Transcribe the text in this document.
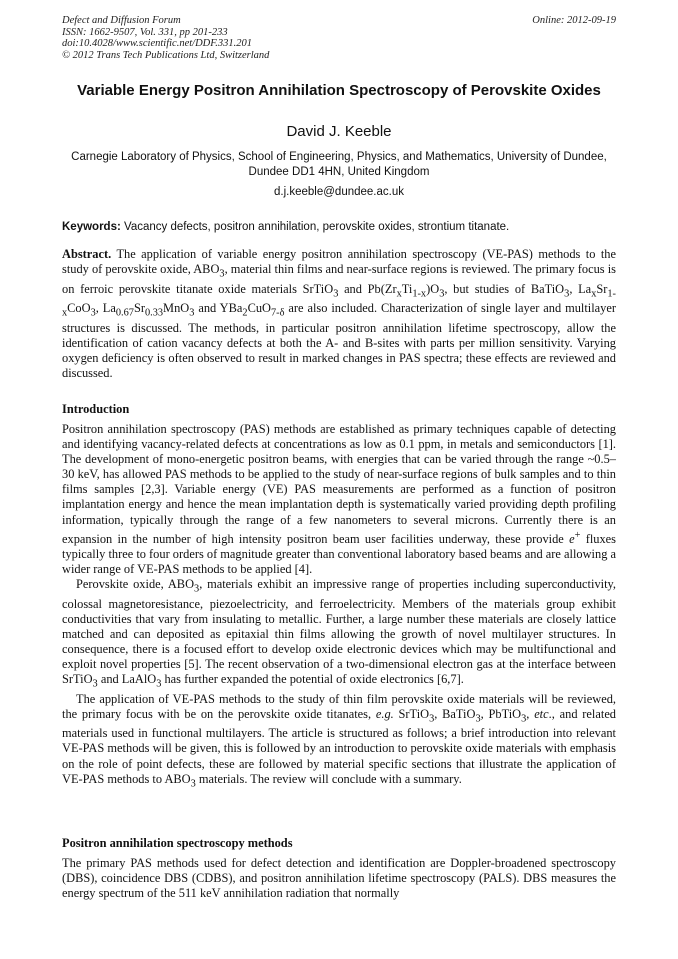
Defect and Diffusion Forum
ISSN: 1662-9507, Vol. 331, pp 201-233
doi:10.4028/www.scientific.net/DDF.331.201
© 2012 Trans Tech Publications Ltd, Switzerland
Online: 2012-09-19
Variable Energy Positron Annihilation Spectroscopy of Perovskite Oxides
David J. Keeble
Carnegie Laboratory of Physics, School of Engineering, Physics, and Mathematics, University of Dundee, Dundee DD1 4HN, United Kingdom
d.j.keeble@dundee.ac.uk
Keywords: Vacancy defects, positron annihilation, perovskite oxides, strontium titanate.

Abstract. The application of variable energy positron annihilation spectroscopy (VE-PAS) methods to the study of perovskite oxide, $ABO_3$, material thin films and near-surface regions is reviewed. The primary focus is on ferroic perovskite titanate oxide materials SrTiO$_3$ and $Pb(Zr_xTi_{1-x})O_3$, but studies of BaTiO$_3$, $La_xSr_{1-x}CoO_3$, $La_{0.67}Sr_{0.33}MnO_3$ and YBa$_2$CuO$_{7-\delta}$ are also included. Characterization of single layer and multilayer structures is discussed. The methods, in particular positron annihilation lifetime spectroscopy, allow the identification of cation vacancy defects at both the A- and B-sites with parts per million sensitivity. Varying oxygen deficiency is often observed to result in marked changes in PAS spectra; these effects are reviewed and discussed.

Introduction

Positron annihilation spectroscopy (PAS) methods are established as primary techniques capable of detecting and identifying vacancy-related defects at concentrations as low as 0.1 ppm, in metals and semiconductors [1]. The development of mono-energetic positron beams, with energies that can be varied through the range ~0.5–30 keV, has allowed PAS methods to be applied to the study of near-surface regions of bulk samples and to thin films samples [2,3]. Variable energy (VE) PAS measurements are performed as a function of positron implantation energy and hence the mean implantation depth is systematically varied providing depth profiling information, typically through the range of a few nanometers to several microns. Currently there is an expansion in the number of high intensity positron beam user facilities underway, these provide e+ fluxes typically three to four orders of magnitude greater than conventional laboratory based beams and are allowing a wider range of VE-PAS methods to be applied [4].

Perovskite oxide, $ABO_3$, materials exhibit an impressive range of properties including superconductivity, colossal magnetoresistance, piezoelectricity, and ferroelectricity. Members of the materials group exhibit conductivities that vary from insulating to metallic. Further, a large number these materials are closely lattice matched and can deposited as epitaxial thin films allowing the growth of novel multilayer structures. In consequence, there is a focused effort to develop oxide electronic devices which may be multifunctional and exploit novel properties [5]. The recent observation of a two-dimensional electron gas at the interface between SrTiO$_3$ and LaAlO$_3$ has further expanded the potential of oxide electronics [6,7].

The application of VE-PAS methods to the study of thin film perovskite oxide materials will be reviewed, the primary focus with be on the perovskite oxide titanates, e.g. SrTiO$_3$, BaTiO$_3$, PbTiO$_3$, etc., and related materials used in functional multilayers. The article is structured as follows; a brief introduction into relevant VE-PAS methods will be given, this is followed by an introduction to perovskite oxide materials with emphasis on the role of point defects, these are followed by material specific sections that illustrate the application of VE-PAS methods to $ABO_3$ materials. The review will conclude with a summary.

Positron annihilation spectroscopy methods
The primary PAS methods used for defect detection and identification are Doppler-broadened spectroscopy (DBS), coincidence DBS (CDBS), and positron annihilation lifetime spectroscopy (PALS). DBS measures the energy spectrum of the 511 keV annihilation radiation that normally
